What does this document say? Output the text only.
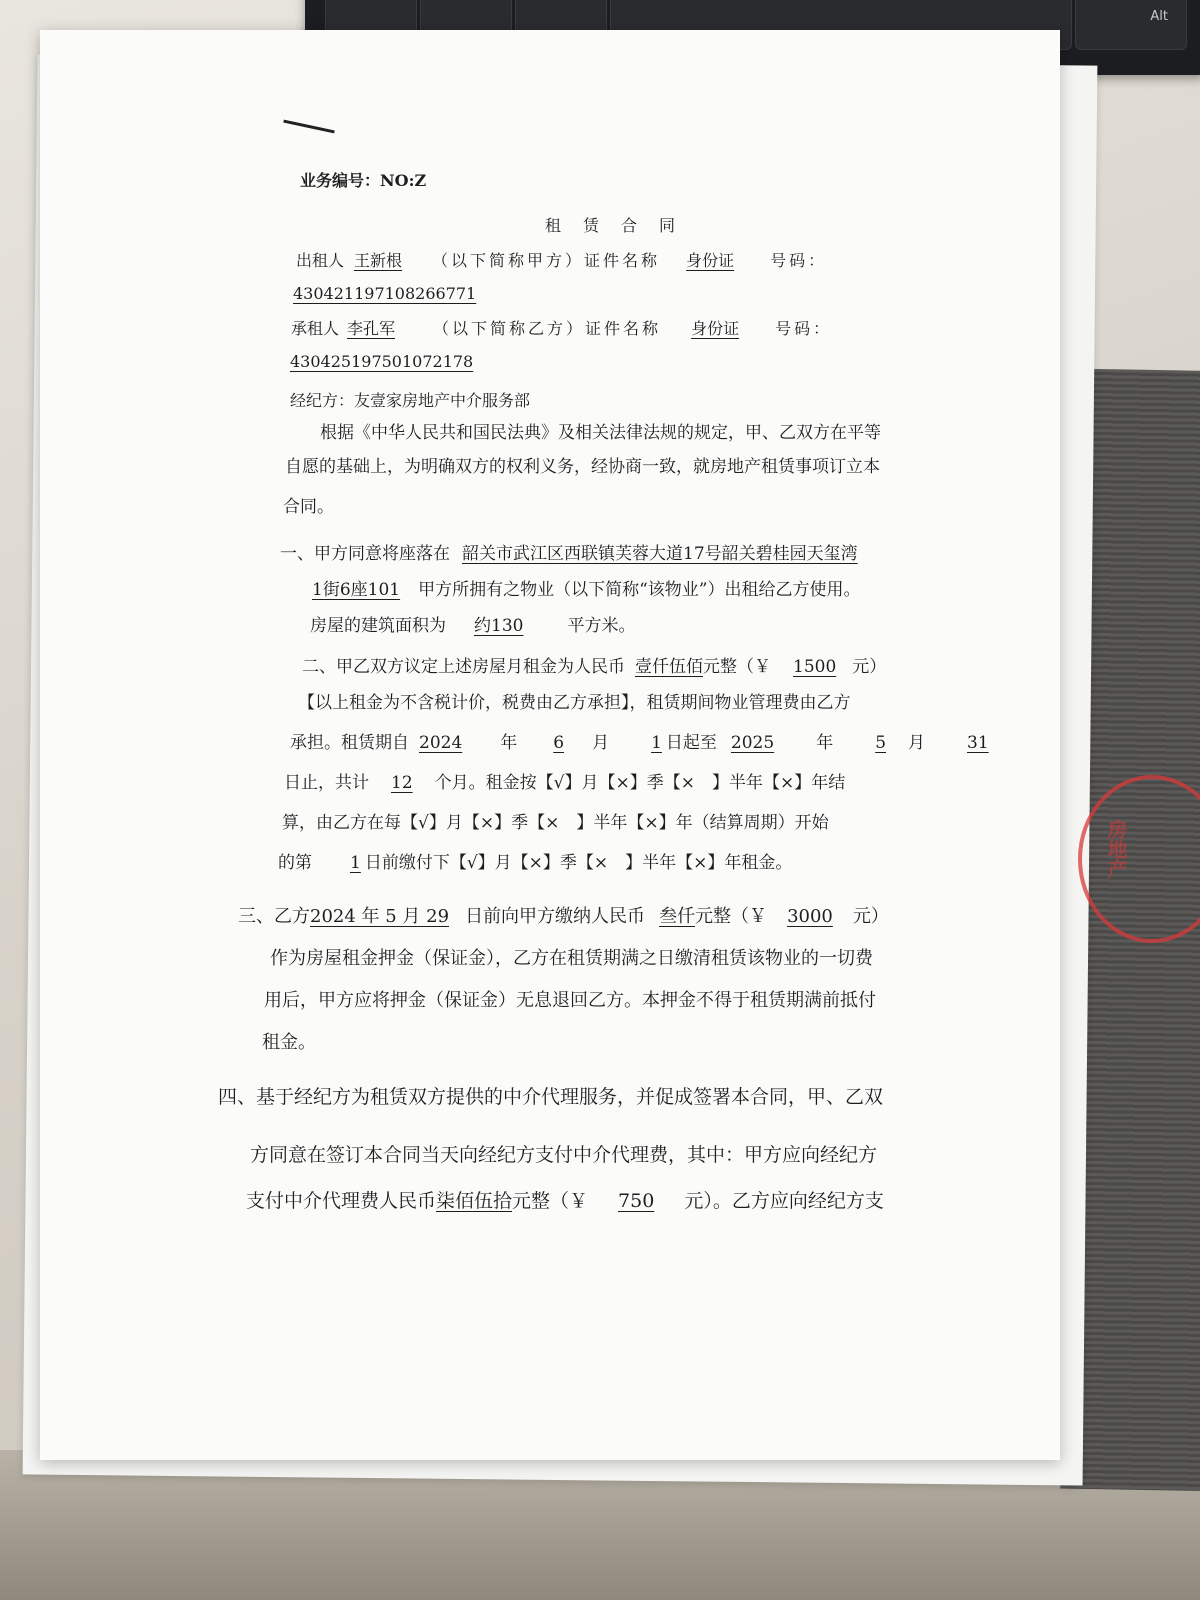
Alt
房地产
业务编号：NO:Z
租　赁　合　同
出租人 王新根 （以下简称甲方）证件名称 身份证 号码：
430421197108266771
承租人 李孔军 （以下简称乙方）证件名称 身份证 号码：
430425197501072178
经纪方：友壹家房地产中介服务部
根据《中华人民共和国民法典》及相关法律法规的规定，甲、乙双方在平等
自愿的基础上，为明确双方的权利义务，经协商一致，就房地产租赁事项订立本
合同。
一、甲方同意将座落在 韶关市武江区西联镇芙蓉大道17号韶关碧桂园天玺湾
1街6座101 甲方所拥有之物业（以下简称“该物业”）出租给乙方使用。
房屋的建筑面积为 约130	平方米。
二、甲乙双方议定上述房屋月租金为人民币 壹仟伍佰元整（￥ 1500 元）
【以上租金为不含税计价，税费由乙方承担】，租赁期间物业管理费由乙方
承担。租赁期自 2024 年 6 月 1 日起至 2025 年 5 月 31
日止，共计 12 个月。租金按【√】月【×】季【×　】半年【×】年结
算，由乙方在每【√】月【×】季【×　】半年【×】年（结算周期）开始
的第 1 日前缴付下【√】月【×】季【×　】半年【×】年租金。
三、乙方2024 年 5 月 29 日前向甲方缴纳人民币 叁仟元整（￥ 3000 元）
作为房屋租金押金（保证金），乙方在租赁期满之日缴清租赁该物业的一切费
用后，甲方应将押金（保证金）无息退回乙方。本押金不得于租赁期满前抵付
租金。
四、基于经纪方为租赁双方提供的中介代理服务，并促成签署本合同，甲、乙双
方同意在签订本合同当天向经纪方支付中介代理费，其中：甲方应向经纪方
支付中介代理费人民币柒佰伍拾元整（￥ 750 元）。乙方应向经纪方支
